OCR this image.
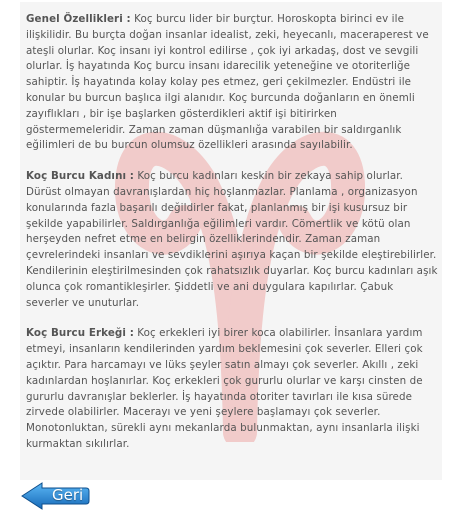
Genel Özellikleri : Koç burcu lider bir burçtur. Horoskopta birinci ev ile ilişkilidir. Bu burçta doğan insanlar idealist, zeki, heyecanlı, maceraperest ve ateşli olurlar. Koç insanı iyi kontrol edilirse , çok iyi arkadaş, dost ve sevgili olurlar. İş hayatında Koç burcu insanı idarecilik yeteneğine ve otoriterliğe sahiptir. İş hayatında kolay kolay pes etmez, geri çekilmezler. Endüstri ile konular bu burcun başlıca ilgi alanıdır. Koç burcunda doğanların en önemli zayıflıkları , bir işe başlarken gösterdikleri aktif işi bitirirken göstermemeleridir. Zaman zaman düşmanlığa varabilen bir saldırganlık eğilimleri de bu burcun olumsuz özellikleri arasında sayılabilir.

Koç Burcu Kadını : Koç burcu kadınları keskin bir zekaya sahip olurlar. Dürüst olmayan davranışlardan hiç hoşlanmazlar. Planlama , organizasyon konularında fazla başarılı değildirler fakat, planlanmış bir işi kusursuz bir şekilde yapabilirler. Saldırganlığa eğilimleri vardır. Cömertlik ve kötü olan herşeyden nefret etme en belirgin özelliklerindendir. Zaman zaman çevrelerindeki insanları ve sevdiklerini aşırıya kaçan bir şekilde eleştirebilirler. Kendilerinin eleştirilmesinden çok rahatsızlık duyarlar. Koç burcu kadınları aşık olunca çok romantikleşirler. Şiddetli ve ani duygulara kapılırlar. Çabuk severler ve unuturlar.

Koç Burcu Erkeği : Koç erkekleri iyi birer koca olabilirler. İnsanlara yardım etmeyi, insanların kendilerinden yardım beklemesini çok severler. Elleri çok açıktır. Para harcamayı ve lüks şeyler satın almayı çok severler. Akıllı , zeki kadınlardan hoşlanırlar. Koç erkekleri çok gururlu olurlar ve karşı cinsten de gururlu davranışlar beklerler. İş hayatında otoriter tavırları ile kısa sürede zirvede olabilirler. Macerayı ve yeni şeylere başlamayı çok severler. Monotonluktan, sürekli aynı mekanlarda bulunmaktan, aynı insanlarla ilişki kurmaktan sıkılırlar.

Geri
